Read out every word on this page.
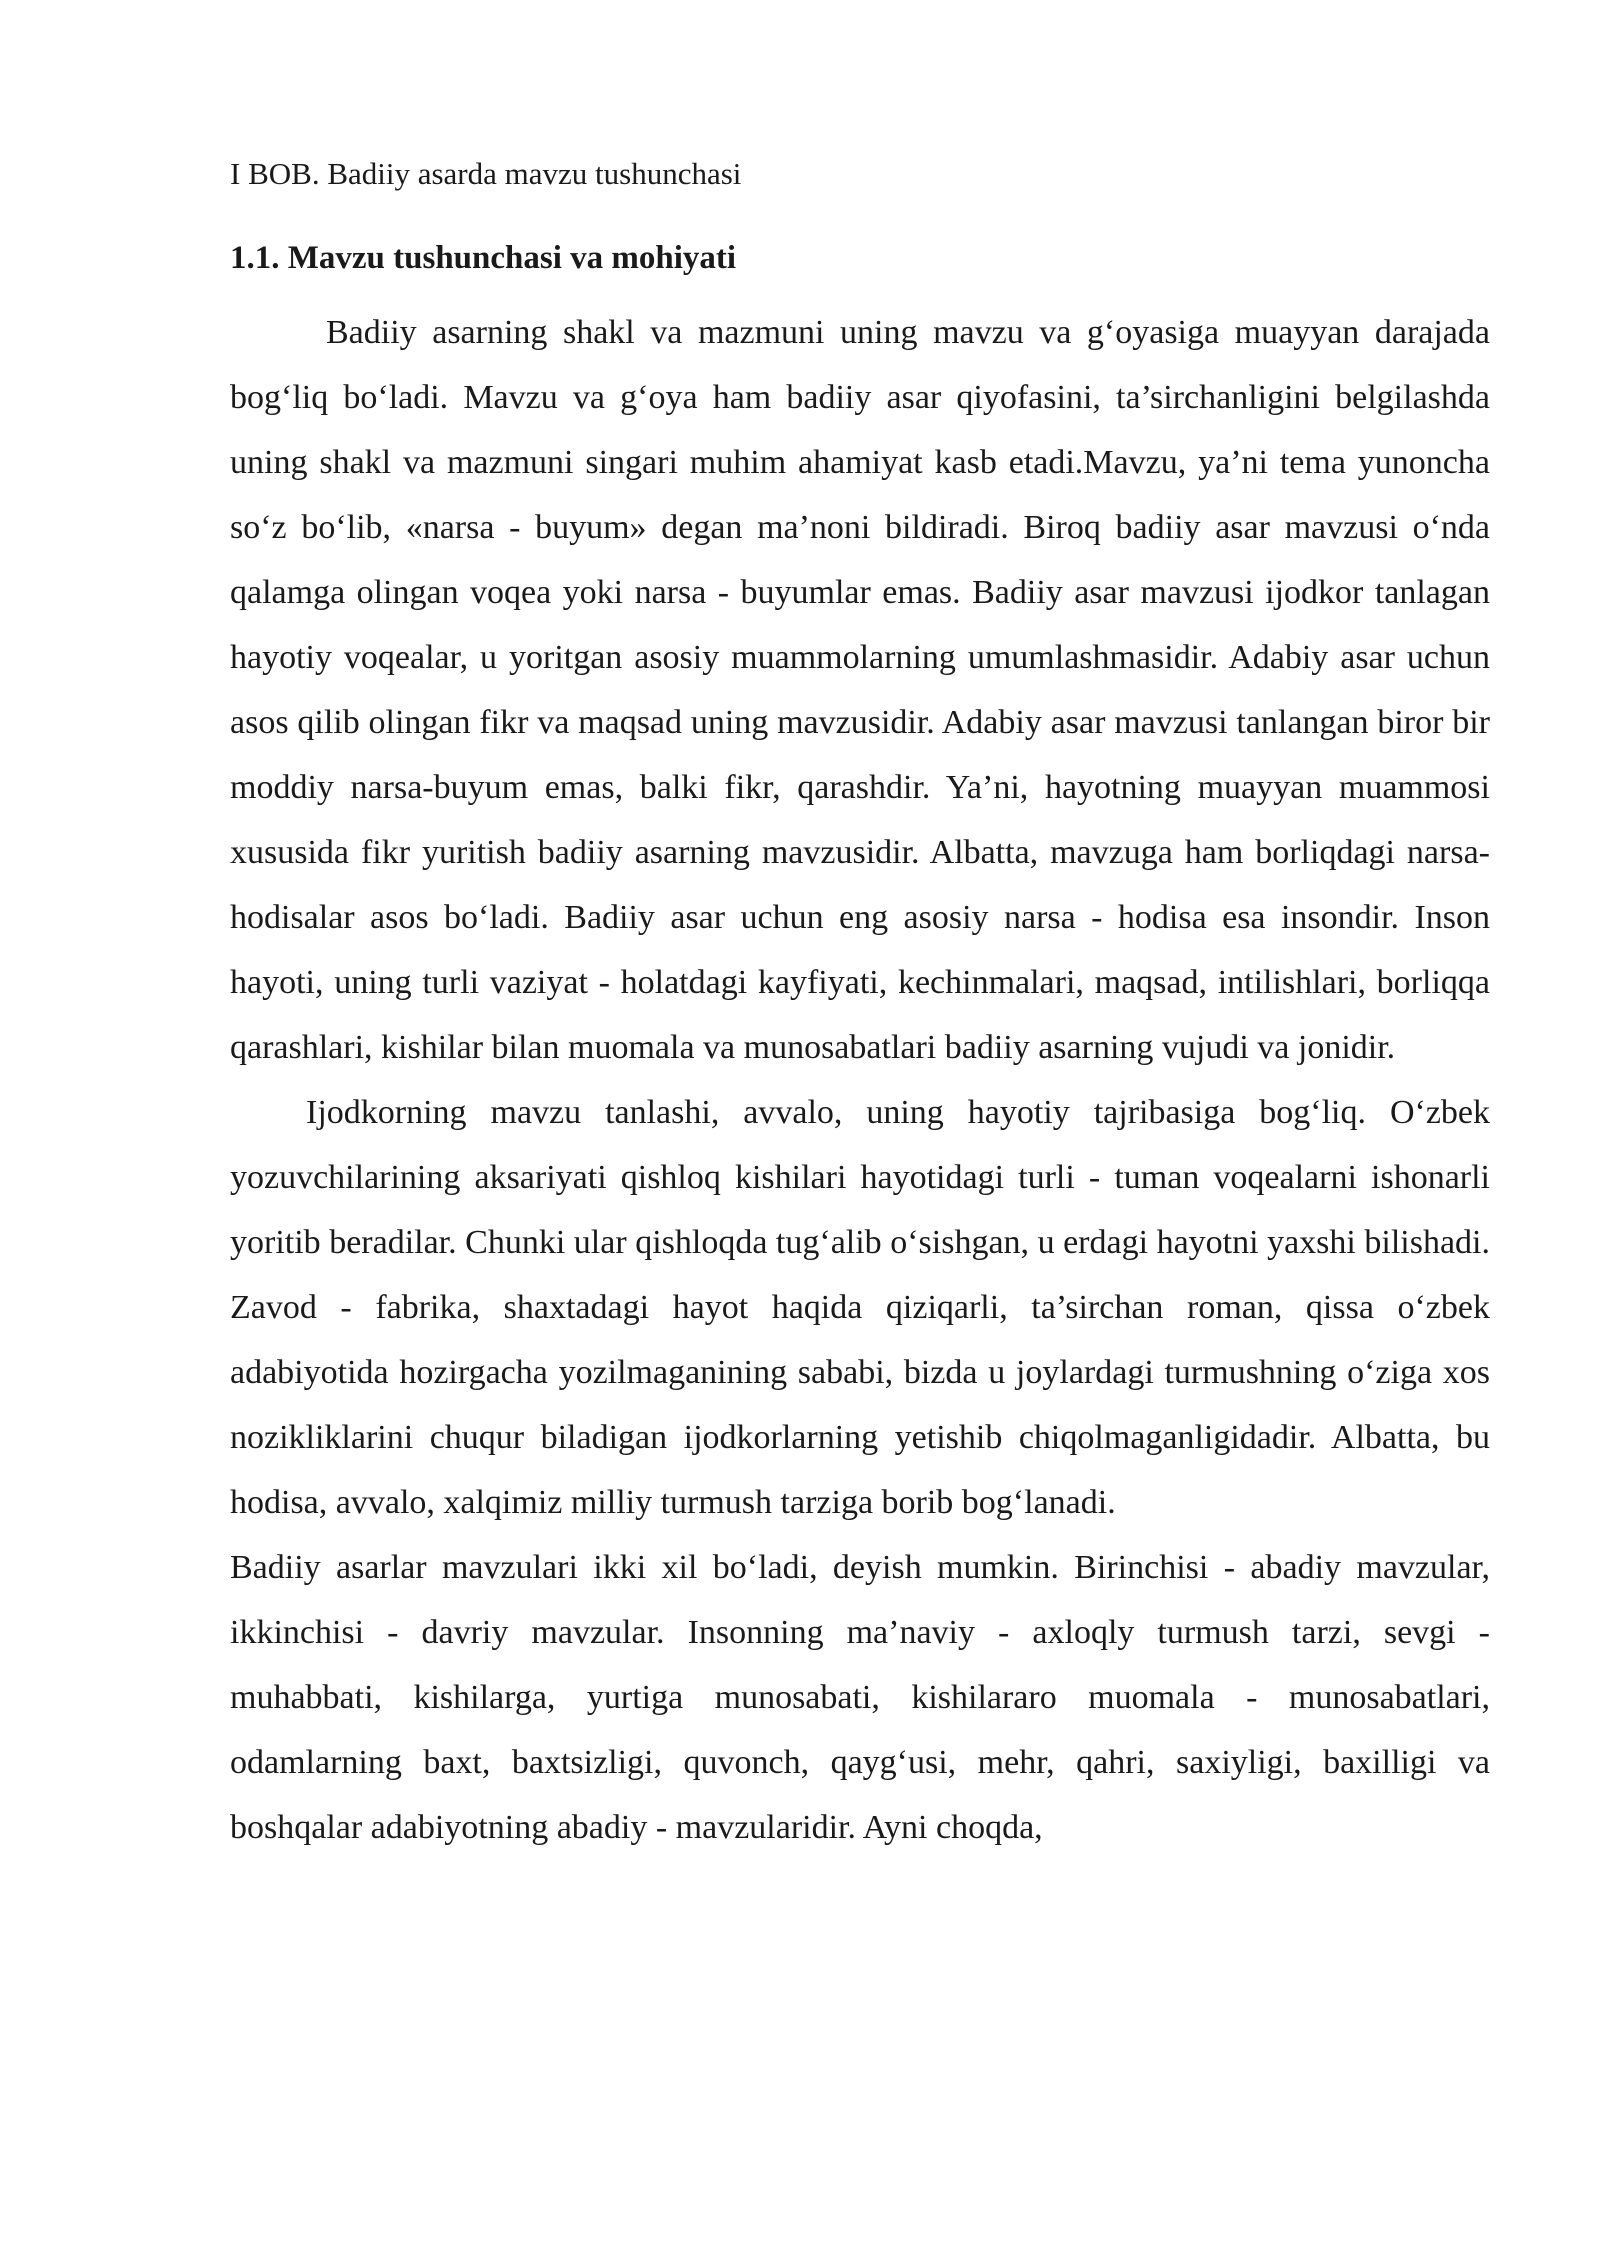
I BOB. Badiiy asarda mavzu tushunchasi
1.1. Mavzu tushunchasi va mohiyati

Badiiy asarning shakl va mazmuni uning mavzu va g‘oyasiga muayyan darajada bog‘liq bo‘ladi. Mavzu va g‘oya ham badiiy asar qiyofasini, ta’sirchanligini belgilashda uning shakl va mazmuni singari muhim ahamiyat kasb etadi.Mavzu, ya’ni tema yunoncha so‘z bo‘lib, «narsa - buyum» degan ma’noni bildiradi. Biroq badiiy asar mavzusi o‘nda qalamga olingan voqea yoki narsa - buyumlar emas. Badiiy asar mavzusi ijodkor tanlagan hayotiy voqealar, u yoritgan asosiy muammolarning umumlashmasidir. Adabiy asar uchun asos qilib olingan fikr va maqsad uning mavzusidir. Adabiy asar mavzusi tanlangan biror bir moddiy narsa-buyum emas, balki fikr, qarashdir. Ya’ni, hayotning muayyan muammosi xususida fikr yuritish badiiy asarning mavzusidir. Albatta, mavzuga ham borliqdagi narsa-hodisalar asos bo‘ladi. Badiiy asar uchun eng asosiy narsa - hodisa esa insondir. Inson hayoti, uning turli vaziyat - holatdagi kayfiyati, kechinmalari, maqsad, intilishlari, borliqqa qarashlari, kishilar bilan muomala va munosabatlari badiiy asarning vujudi va jonidir.

Ijodkorning mavzu tanlashi, avvalo, uning hayotiy tajribasiga bog‘liq. O‘zbek yozuvchilarining aksariyati qishloq kishilari hayotidagi turli - tuman voqealarni ishonarli yoritib beradilar. Chunki ular qishloqda tug‘alib o‘sishgan, u erdagi hayotni yaxshi bilishadi. Zavod - fabrika, shaxtadagi hayot haqida qiziqarli, ta’sirchan roman, qissa o‘zbek adabiyotida hozirgacha yozilmaganining sababi, bizda u joylardagi turmushning o‘ziga xos nozikliklarini chuqur biladigan ijodkorlarning yetishib chiqolmaganligidadir. Albatta, bu hodisa, avvalo, xalqimiz milliy turmush tarziga borib bog‘lanadi.

Badiiy asarlar mavzulari ikki xil bo‘ladi, deyish mumkin. Birinchisi - abadiy mavzular, ikkinchisi - davriy mavzular. Insonning ma’naviy - axloqly turmush tarzi, sevgi - muhabbati, kishilarga, yurtiga munosabati, kishilararo muomala - munosabatlari, odamlarning baxt, baxtsizligi, quvonch, qayg‘usi, mehr, qahri, saxiyligi, baxilligi va boshqalar adabiyotning abadiy - mavzularidir. Ayni choqda,
